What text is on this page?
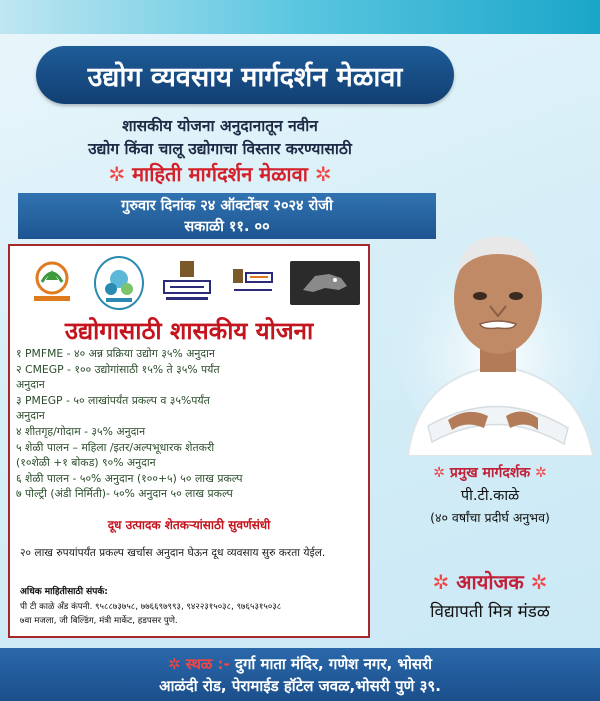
उद्योग व्यवसाय मार्गदर्शन मेळावा
शासकीय योजना अनुदानातून नवीन
उद्योग किंवा चालू उद्योगाचा विस्तार करण्यासाठी
✲ माहिती मार्गदर्शन मेळावा ✲
गुरुवार दिनांक २४ ऑक्टोंबर २०२४ रोजी
सकाळी ११. ००
उद्योगासाठी शासकीय योजना
१ PMFME - ४० अन्न प्रक्रिया उद्योग ३५% अनुदान
२ CMEGP - १०० उद्योगांसाठी १५% ते ३५% पर्यंत
अनुदान
३ PMEGP - ५० लाखांपर्यंत प्रकल्प व ३५%पर्यंत
अनुदान
४ शीतगृह/गोदाम - ३५% अनुदान
५ शेळी पालन – महिला /इतर/अल्पभूधारक शेतकरी
(१०शेळी +१ बोकड) ९०% अनुदान
६ शेळी पालन - ५०% अनुदान (१००+५) ५० लाख प्रकल्प
७ पोल्ट्री (अंडी निर्मिती)- ५०% अनुदान ५० लाख प्रकल्प
दूध उत्पादक शेतकऱ्यांसाठी सुवर्णसंधी
२० लाख रुपयांपर्यंत प्रकल्प खर्चास अनुदान घेऊन दूध व्यवसाय सुरु करता येईल.
अधिक माहितीसाठी संपर्क:
पी टी काळे अँड कंपनी. ९५८८७३७५८, ७७६६९७९९३, ९४२२३१५०३८, ९७६५३१५०३८
७वा मजला, जी बिल्डिंग, मंत्री मार्केट, हडपसर पुणे.
✲ प्रमुख मार्गदर्शक ✲
पी.टी.काळे
(४० वर्षांचा प्रदीर्घ अनुभव)
✲ आयोजक ✲
विद्यापती मित्र मंडळ
✲ स्थळ :- दुर्गा माता मंदिर, गणेश नगर, भोसरी
आळंदी रोड, पेरामाईड हॉटेल जवळ,भोसरी पुणे ३९.
